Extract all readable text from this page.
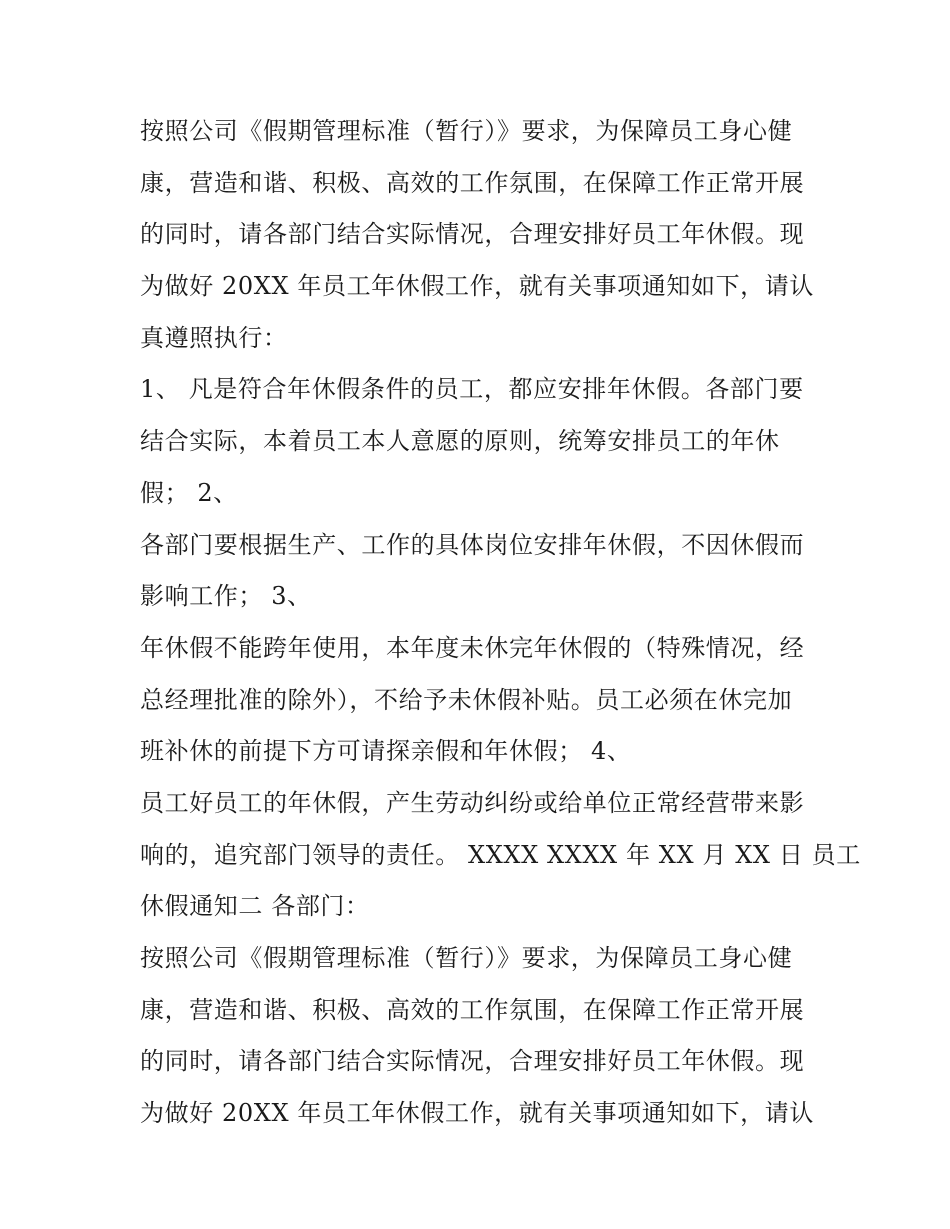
按照公司《假期管理标准（暂行）》要求，为保障员工身心健
康，营造和谐、积极、高效的工作氛围，在保障工作正常开展
的同时，请各部门结合实际情况，合理安排好员工年休假。现
为做好 20XX 年员工年休假工作，就有关事项通知如下，请认
真遵照执行：
1、 凡是符合年休假条件的员工，都应安排年休假。各部门要
结合实际，本着员工本人意愿的原则，统筹安排员工的年休
假； 2、
各部门要根据生产、工作的具体岗位安排年休假，不因休假而
影响工作； 3、
年休假不能跨年使用，本年度未休完年休假的（特殊情况，经
总经理批准的除外），不给予未休假补贴。员工必须在休完加
班补休的前提下方可请探亲假和年休假； 4、
员工好员工的年休假，产生劳动纠纷或给单位正常经营带来影
响的，追究部门领导的责任。 XXXX XXXX 年 XX 月 XX 日 员工
休假通知二 各部门：
按照公司《假期管理标准（暂行）》要求，为保障员工身心健
康，营造和谐、积极、高效的工作氛围，在保障工作正常开展
的同时，请各部门结合实际情况，合理安排好员工年休假。现
为做好 20XX 年员工年休假工作，就有关事项通知如下，请认
